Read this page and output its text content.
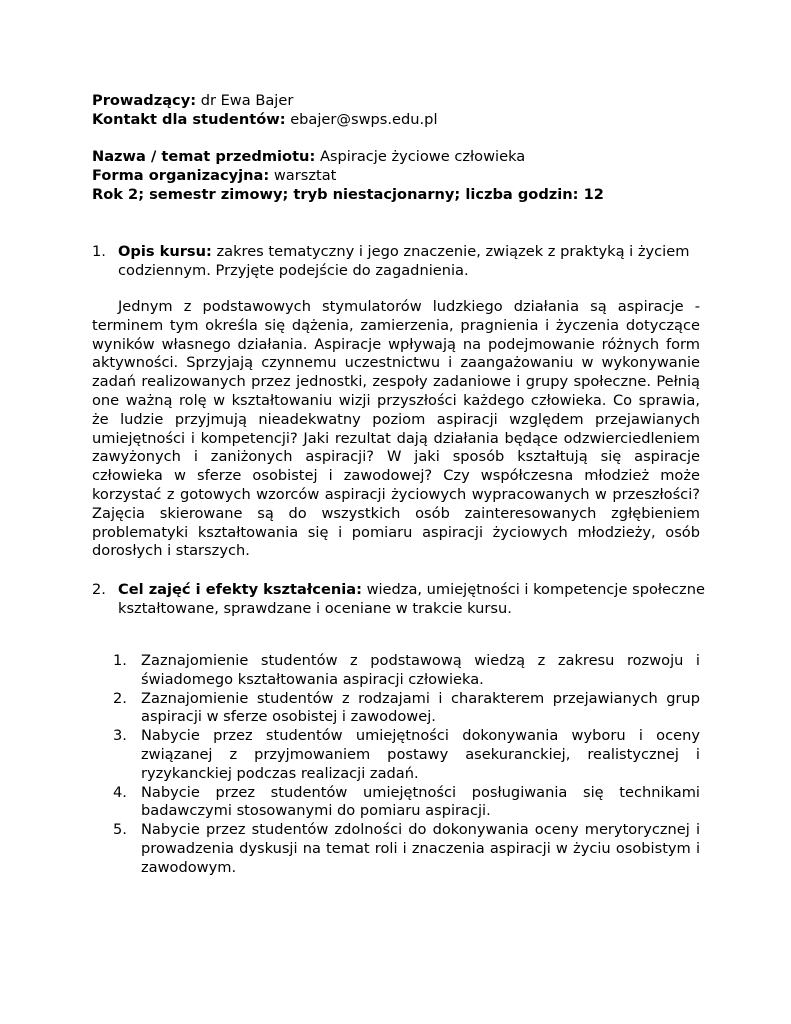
Prowadzący: dr Ewa Bajer
Kontakt dla studentów: ebajer@swps.edu.pl
Nazwa / temat przedmiotu: Aspiracje życiowe człowieka
Forma organizacyjna: warsztat
Rok 2; semestr zimowy; tryb niestacjonarny; liczba godzin: 12
1. Opis kursu: zakres tematyczny i jego znaczenie, związek z praktyką i życiem codziennym. Przyjęte podejście do zagadnienia.
Jednym z podstawowych stymulatorów ludzkiego działania są aspiracje - terminem tym określa się dążenia, zamierzenia, pragnienia i życzenia dotyczące wyników własnego działania. Aspiracje wpływają na podejmowanie różnych form aktywności. Sprzyjają czynnemu uczestnictwu i zaangażowaniu w wykonywanie zadań realizowanych przez jednostki, zespoły zadaniowe i grupy społeczne. Pełnią one ważną rolę w kształtowaniu wizji przyszłości każdego człowieka. Co sprawia, że ludzie przyjmują nieadekwatny poziom aspiracji względem przejawianych umiejętności i kompetencji? Jaki rezultat dają działania będące odzwierciedleniem zawyżonych i zaniżonych aspiracji? W jaki sposób kształtują się aspiracje człowieka w sferze osobistej i zawodowej? Czy współczesna młodzież może korzystać z gotowych wzorców aspiracji życiowych wypracowanych w przeszłości? Zajęcia skierowane są do wszystkich osób zainteresowanych zgłębieniem problematyki kształtowania się i pomiaru aspiracji życiowych młodzieży, osób dorosłych i starszych.
2. Cel zajęć i efekty kształcenia: wiedza, umiejętności i kompetencje społeczne kształtowane, sprawdzane i oceniane w trakcie kursu.
1. Zaznajomienie studentów z podstawową wiedzą z zakresu rozwoju i świadomego kształtowania aspiracji człowieka.
2. Zaznajomienie studentów z rodzajami i charakterem przejawianych grup aspiracji w sferze osobistej i zawodowej.
3. Nabycie przez studentów umiejętności dokonywania wyboru i oceny związanej z przyjmowaniem postawy asekuranckiej, realistycznej i ryzykanckiej podczas realizacji zadań.
4. Nabycie przez studentów umiejętności posługiwania się technikami badawczymi stosowanymi do pomiaru aspiracji.
5. Nabycie przez studentów zdolności do dokonywania oceny merytorycznej i prowadzenia dyskusji na temat roli i znaczenia aspiracji w życiu osobistym i zawodowym.
